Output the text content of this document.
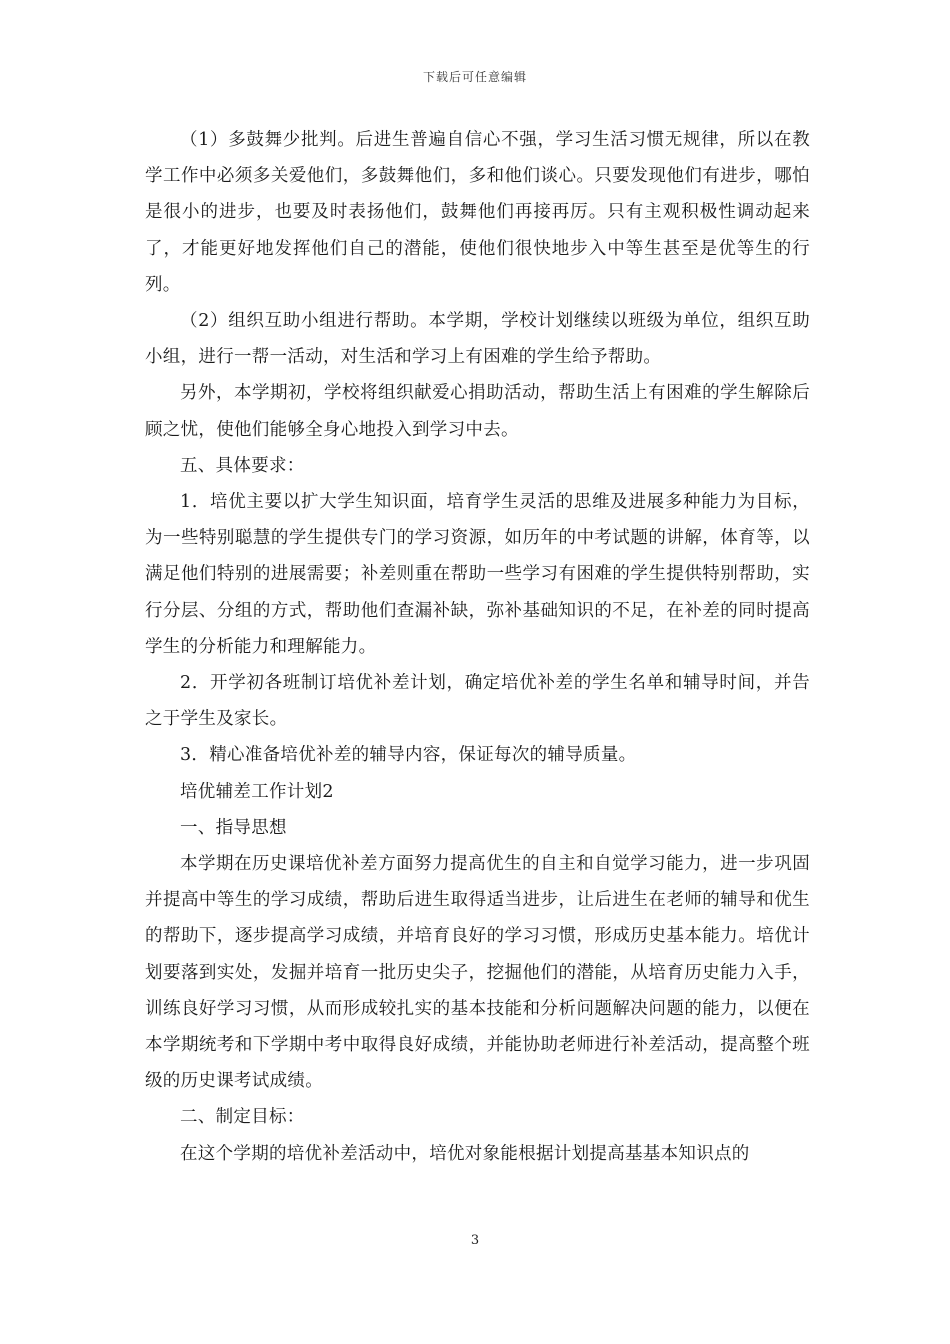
下载后可任意编辑

（1）多鼓舞少批判。后进生普遍自信心不强，学习生活习惯无规律，所以在教学工作中必须多关爱他们，多鼓舞他们，多和他们谈心。只要发现他们有进步，哪怕是很小的进步，也要及时表扬他们，鼓舞他们再接再厉。只有主观积极性调动起来了，才能更好地发挥他们自己的潜能，使他们很快地步入中等生甚至是优等生的行列。

（2）组织互助小组进行帮助。本学期，学校计划继续以班级为单位，组织互助小组，进行一帮一活动，对生活和学习上有困难的学生给予帮助。

另外，本学期初，学校将组织献爱心捐助活动，帮助生活上有困难的学生解除后顾之忧，使他们能够全身心地投入到学习中去。

五、具体要求：

1．培优主要以扩大学生知识面，培育学生灵活的思维及进展多种能力为目标，为一些特别聪慧的学生提供专门的学习资源，如历年的中考试题的讲解，体育等，以满足他们特别的进展需要；补差则重在帮助一些学习有困难的学生提供特别帮助，实行分层、分组的方式，帮助他们查漏补缺，弥补基础知识的不足，在补差的同时提高学生的分析能力和理解能力。

2．开学初各班制订培优补差计划，确定培优补差的学生名单和辅导时间，并告之于学生及家长。

3．精心准备培优补差的辅导内容，保证每次的辅导质量。

培优辅差工作计划2

一、指导思想

本学期在历史课培优补差方面努力提高优生的自主和自觉学习能力，进一步巩固并提高中等生的学习成绩，帮助后进生取得适当进步，让后进生在老师的辅导和优生的帮助下，逐步提高学习成绩，并培育良好的学习习惯，形成历史基本能力。培优计划要落到实处，发掘并培育一批历史尖子，挖掘他们的潜能，从培育历史能力入手，训练良好学习习惯，从而形成较扎实的基本技能和分析问题解决问题的能力，以便在本学期统考和下学期中考中取得良好成绩，并能协助老师进行补差活动，提高整个班级的历史课考试成绩。

二、制定目标：

在这个学期的培优补差活动中，培优对象能根据计划提高基基本知识点的

3
